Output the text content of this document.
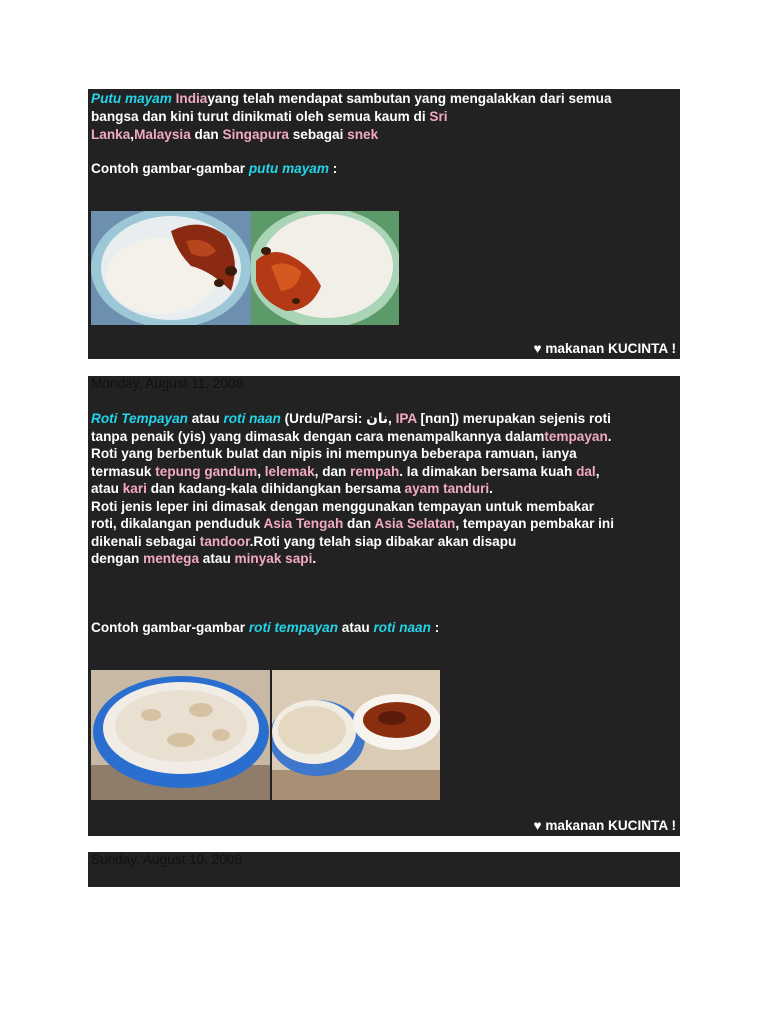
Putu mayam Indiayang telah mendapat sambutan yang mengalakkan dari semua
bangsa dan kini turut dinikmati oleh semua kaum di Sri
Lanka,Malaysia dan Singapura sebagai snek
Contoh gambar-gambar putu mayam :
♥ makanan KUCINTA !
Monday, August 11, 2008
Roti Tempayan atau roti naan (Urdu/Parsi: نان, IPA [nɑn]) merupakan sejenis roti
tanpa penaik (yis) yang dimasak dengan cara menampalkannya dalamtempayan.
Roti yang berbentuk bulat dan nipis ini mempunya beberapa ramuan, ianya
termasuk tepung gandum, lelemak, dan rempah. Ia dimakan bersama kuah dal,
atau kari dan kadang-kala dihidangkan bersama ayam tanduri.
Roti jenis leper ini dimasak dengan menggunakan tempayan untuk membakar
roti, dikalangan penduduk Asia Tengah dan Asia Selatan, tempayan pembakar ini
dikenali sebagai tandoor.Roti yang telah siap dibakar akan disapu
dengan mentega atau minyak sapi.
Contoh gambar-gambar roti tempayan atau roti naan :
♥ makanan KUCINTA !
Sunday, August 10, 2008
